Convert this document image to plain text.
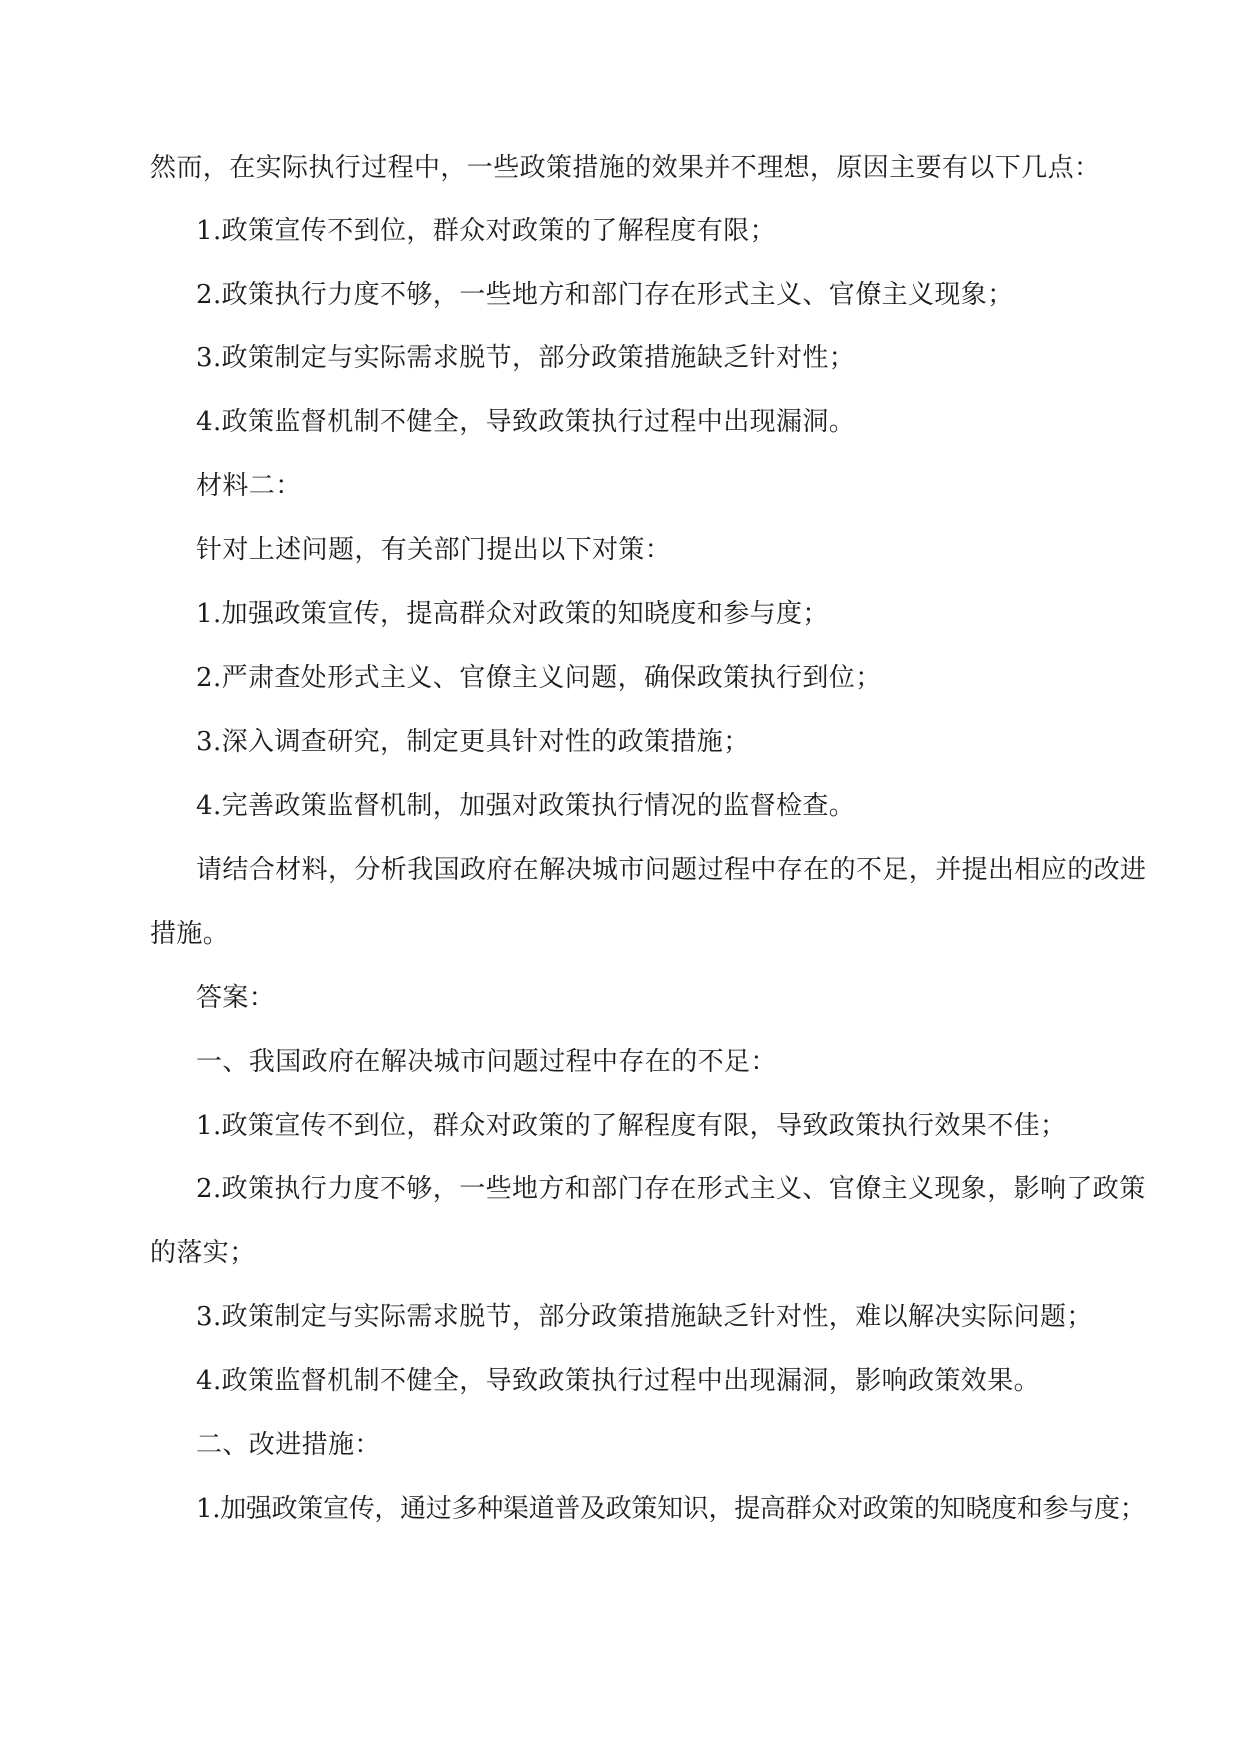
然而，在实际执行过程中，一些政策措施的效果并不理想，原因主要有以下几点：

1.政策宣传不到位，群众对政策的了解程度有限；

2.政策执行力度不够，一些地方和部门存在形式主义、官僚主义现象；

3.政策制定与实际需求脱节，部分政策措施缺乏针对性；

4.政策监督机制不健全，导致政策执行过程中出现漏洞。

材料二：

针对上述问题，有关部门提出以下对策：

1.加强政策宣传，提高群众对政策的知晓度和参与度；

2.严肃查处形式主义、官僚主义问题，确保政策执行到位；

3.深入调查研究，制定更具针对性的政策措施；

4.完善政策监督机制，加强对政策执行情况的监督检查。

请结合材料，分析我国政府在解决城市问题过程中存在的不足，并提出相应的改进

措施。

答案：

一、我国政府在解决城市问题过程中存在的不足：

1.政策宣传不到位，群众对政策的了解程度有限，导致政策执行效果不佳；

2.政策执行力度不够，一些地方和部门存在形式主义、官僚主义现象，影响了政策

的落实；

3.政策制定与实际需求脱节，部分政策措施缺乏针对性，难以解决实际问题；

4.政策监督机制不健全，导致政策执行过程中出现漏洞，影响政策效果。

二、改进措施：

1.加强政策宣传，通过多种渠道普及政策知识，提高群众对政策的知晓度和参与度；
